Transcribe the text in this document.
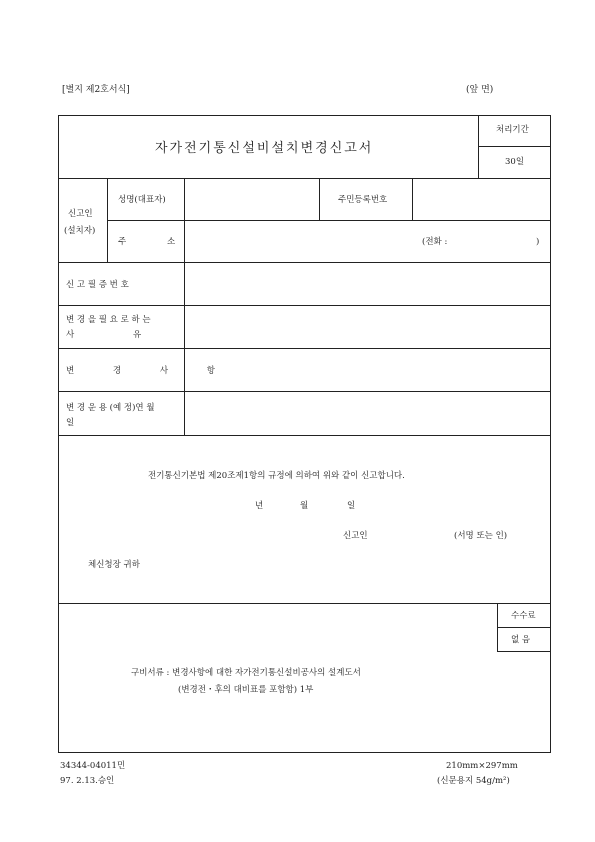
[별지 제2호서식]	(앞 면)
자가전기통신설비설치변경신고서
처리기간
30일
신고인
(설치자)
성명(대표자)	주민등록번호
주	소	(전화 :	)
신 고 필 증 번 호
변 경 을 필 요 로 하 는
사	유
변 경 사 항
변 경 운 용 (예 정)연 월
일
전기통신기본법 제20조제1항의 규정에 의하여 위와 같이 신고합니다.
년	월	일
신고인	(서명 또는 인)
체신청장 귀하
수수료
없 음
구비서류 : 변경사항에 대한 자가전기통신설비공사의 설계도서
(변경전・후의 대비표를 포함함) 1부
34344-04011민
97. 2.13.승인
210mm×297mm
(신문용지 54g/m²)
